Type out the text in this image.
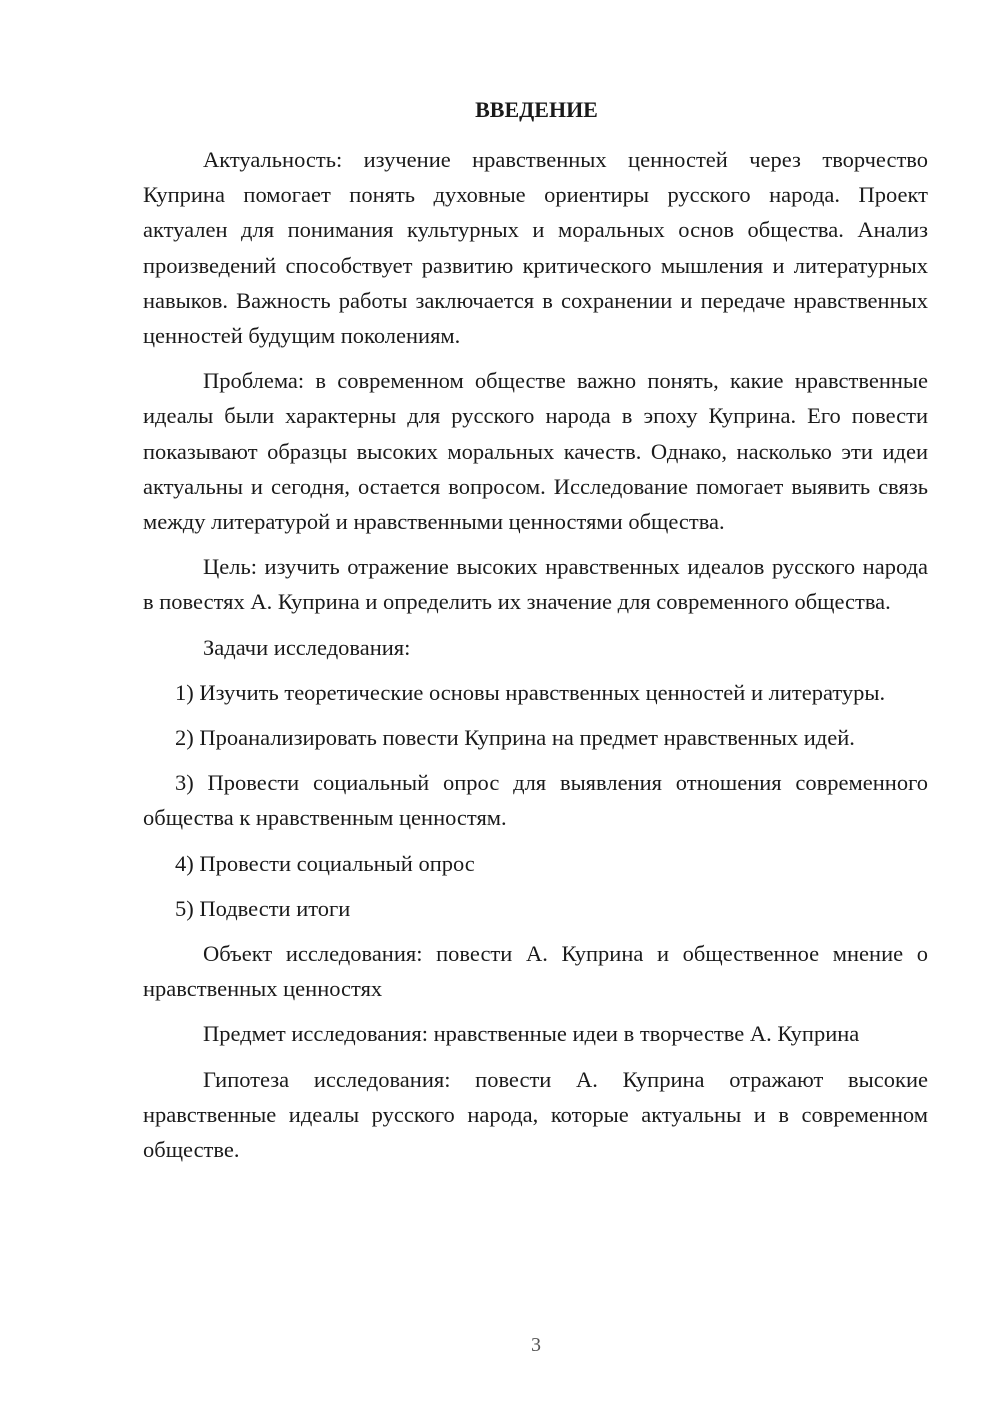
ВВЕДЕНИЕ

Актуальность: изучение нравственных ценностей через творчество Куприна помогает понять духовные ориентиры русского народа. Проект актуален для понимания культурных и моральных основ общества. Анализ произведений способствует развитию критического мышления и литературных навыков. Важность работы заключается в сохранении и передаче нравственных ценностей будущим поколениям.

Проблема: в современном обществе важно понять, какие нравственные идеалы были характерны для русского народа в эпоху Куприна. Его повести показывают образцы высоких моральных качеств. Однако, насколько эти идеи актуальны и сегодня, остается вопросом. Исследование помогает выявить связь между литературой и нравственными ценностями общества.

Цель: изучить отражение высоких нравственных идеалов русского народа в повестях А. Куприна и определить их значение для современного общества.

Задачи исследования:

1) Изучить теоретические основы нравственных ценностей и литературы.

2) Проанализировать повести Куприна на предмет нравственных идей.

3) Провести социальный опрос для выявления отношения современного общества к нравственным ценностям.

4) Провести социальный опрос

5) Подвести итоги

Объект исследования: повести А. Куприна и общественное мнение о нравственных ценностях

Предмет исследования: нравственные идеи в творчестве А. Куприна

Гипотеза исследования: повести А. Куприна отражают высокие нравственные идеалы русского народа, которые актуальны и в современном обществе.

3
